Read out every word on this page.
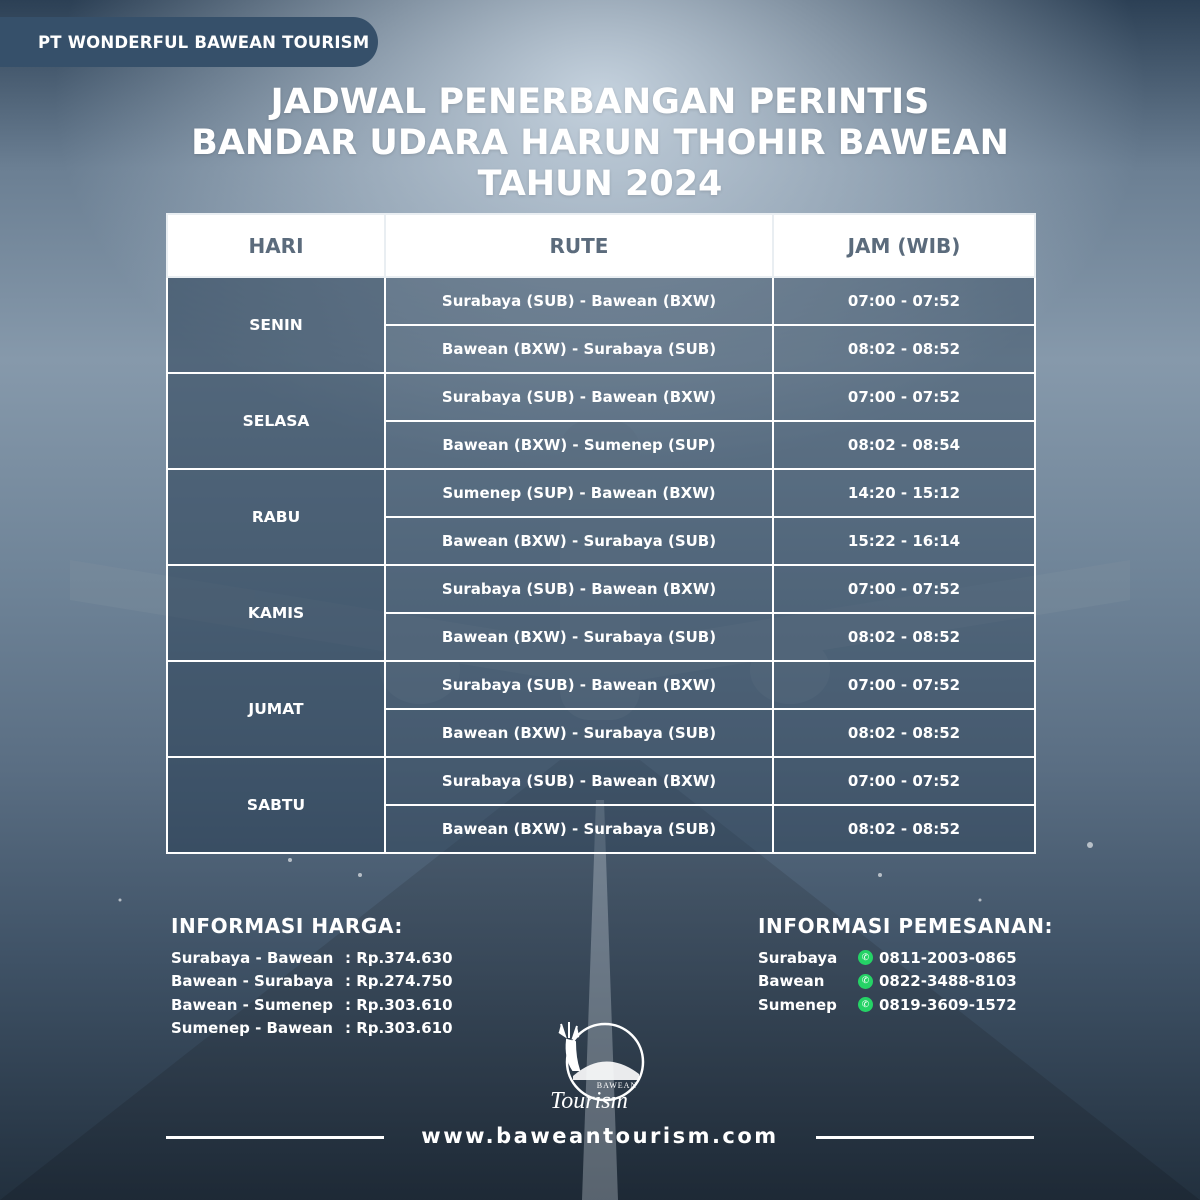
PT WONDERFUL BAWEAN TOURISM
JADWAL PENERBANGAN PERINTIS
BANDAR UDARA HARUN THOHIR BAWEAN
TAHUN 2024
HARI	RUTE	JAM (WIB)
SENIN	Surabaya (SUB) - Bawean (BXW)	07:00 - 07:52
	Bawean (BXW) - Surabaya (SUB)	08:02 - 08:52
SELASA	Surabaya (SUB) - Bawean (BXW)	07:00 - 07:52
	Bawean (BXW) - Sumenep (SUP)	08:02 - 08:54
RABU	Sumenep (SUP) - Bawean (BXW)	14:20 - 15:12
	Bawean (BXW) - Surabaya (SUB)	15:22 - 16:14
KAMIS	Surabaya (SUB) - Bawean (BXW)	07:00 - 07:52
	Bawean (BXW) - Surabaya (SUB)	08:02 - 08:52
JUMAT	Surabaya (SUB) - Bawean (BXW)	07:00 - 07:52
	Bawean (BXW) - Surabaya (SUB)	08:02 - 08:52
SABTU	Surabaya (SUB) - Bawean (BXW)	07:00 - 07:52
	Bawean (BXW) - Surabaya (SUB)	08:02 - 08:52
INFORMASI HARGA:
Surabaya - Bawean : Rp.374.630
Bawean - Surabaya : Rp.274.750
Bawean - Sumenep : Rp.303.610
Sumenep - Bawean : Rp.303.610
INFORMASI PEMESANAN:
Surabaya	✆ 0811-2003-0865
Bawean	✆ 0822-3488-8103
Sumenep	✆ 0819-3609-1572
BAWEAN
Tourism
www.baweantourism.com
